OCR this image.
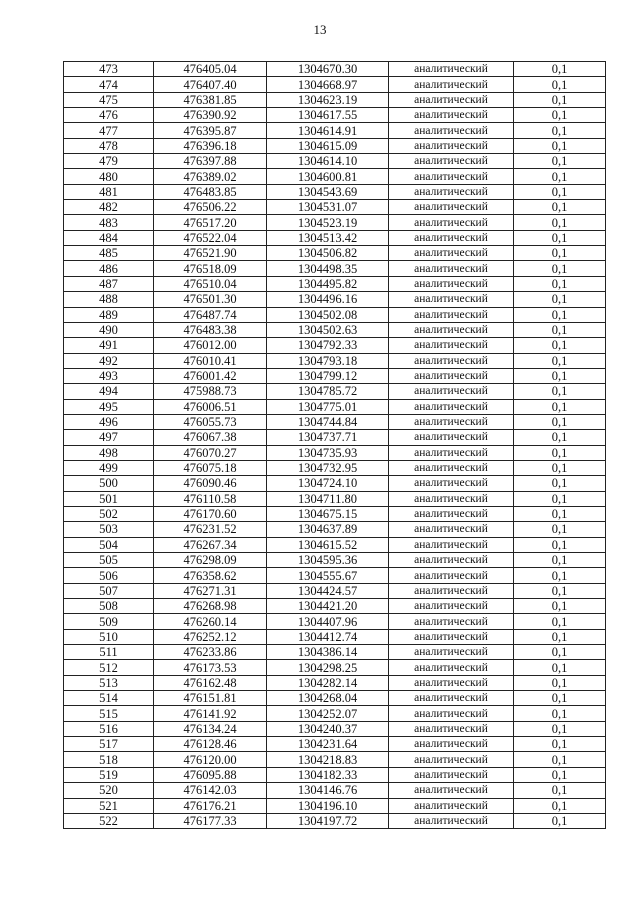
13
473	476405.04	1304670.30	аналитический	0,1
474	476407.40	1304668.97	аналитический	0,1
475	476381.85	1304623.19	аналитический	0,1
476	476390.92	1304617.55	аналитический	0,1
477	476395.87	1304614.91	аналитический	0,1
478	476396.18	1304615.09	аналитический	0,1
479	476397.88	1304614.10	аналитический	0,1
480	476389.02	1304600.81	аналитический	0,1
481	476483.85	1304543.69	аналитический	0,1
482	476506.22	1304531.07	аналитический	0,1
483	476517.20	1304523.19	аналитический	0,1
484	476522.04	1304513.42	аналитический	0,1
485	476521.90	1304506.82	аналитический	0,1
486	476518.09	1304498.35	аналитический	0,1
487	476510.04	1304495.82	аналитический	0,1
488	476501.30	1304496.16	аналитический	0,1
489	476487.74	1304502.08	аналитический	0,1
490	476483.38	1304502.63	аналитический	0,1
491	476012.00	1304792.33	аналитический	0,1
492	476010.41	1304793.18	аналитический	0,1
493	476001.42	1304799.12	аналитический	0,1
494	475988.73	1304785.72	аналитический	0,1
495	476006.51	1304775.01	аналитический	0,1
496	476055.73	1304744.84	аналитический	0,1
497	476067.38	1304737.71	аналитический	0,1
498	476070.27	1304735.93	аналитический	0,1
499	476075.18	1304732.95	аналитический	0,1
500	476090.46	1304724.10	аналитический	0,1
501	476110.58	1304711.80	аналитический	0,1
502	476170.60	1304675.15	аналитический	0,1
503	476231.52	1304637.89	аналитический	0,1
504	476267.34	1304615.52	аналитический	0,1
505	476298.09	1304595.36	аналитический	0,1
506	476358.62	1304555.67	аналитический	0,1
507	476271.31	1304424.57	аналитический	0,1
508	476268.98	1304421.20	аналитический	0,1
509	476260.14	1304407.96	аналитический	0,1
510	476252.12	1304412.74	аналитический	0,1
511	476233.86	1304386.14	аналитический	0,1
512	476173.53	1304298.25	аналитический	0,1
513	476162.48	1304282.14	аналитический	0,1
514	476151.81	1304268.04	аналитический	0,1
515	476141.92	1304252.07	аналитический	0,1
516	476134.24	1304240.37	аналитический	0,1
517	476128.46	1304231.64	аналитический	0,1
518	476120.00	1304218.83	аналитический	0,1
519	476095.88	1304182.33	аналитический	0,1
520	476142.03	1304146.76	аналитический	0,1
521	476176.21	1304196.10	аналитический	0,1
522	476177.33	1304197.72	аналитический	0,1
